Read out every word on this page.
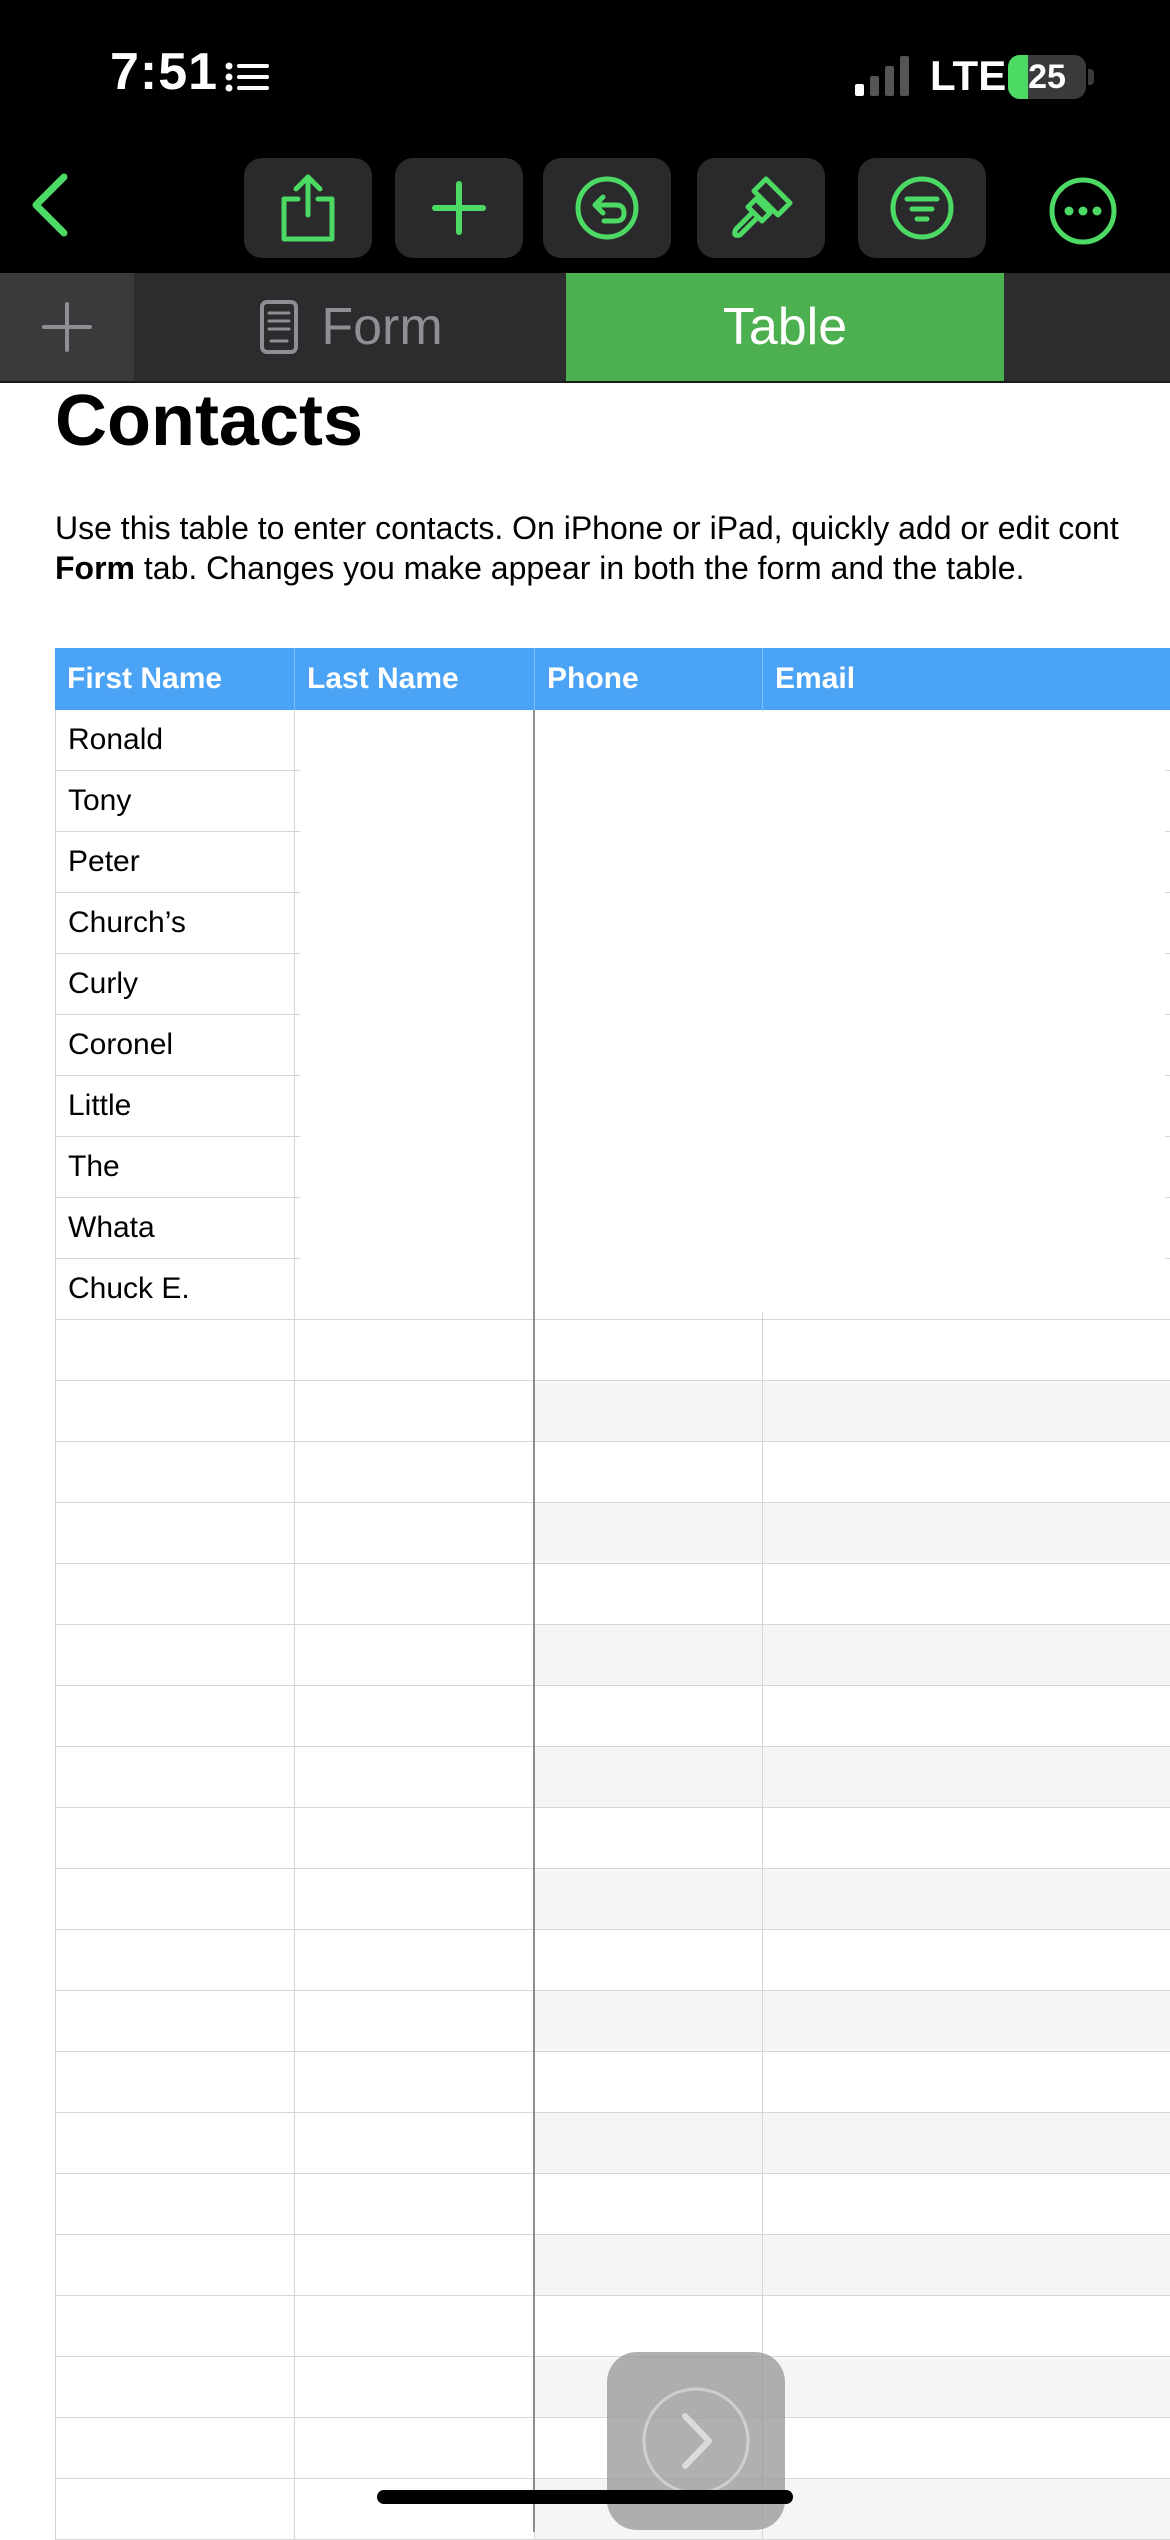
7:51	LTE 25
Form	Table
Contacts
Use this table to enter contacts. On iPhone or iPad, quickly add or edit cont
Form tab. Changes you make appear in both the form and the table.
First Name	Last Name	Phone	Email
Ronald
Tony
Peter
Church’s
Curly
Coronel
Little
The
Whata
Chuck E.
